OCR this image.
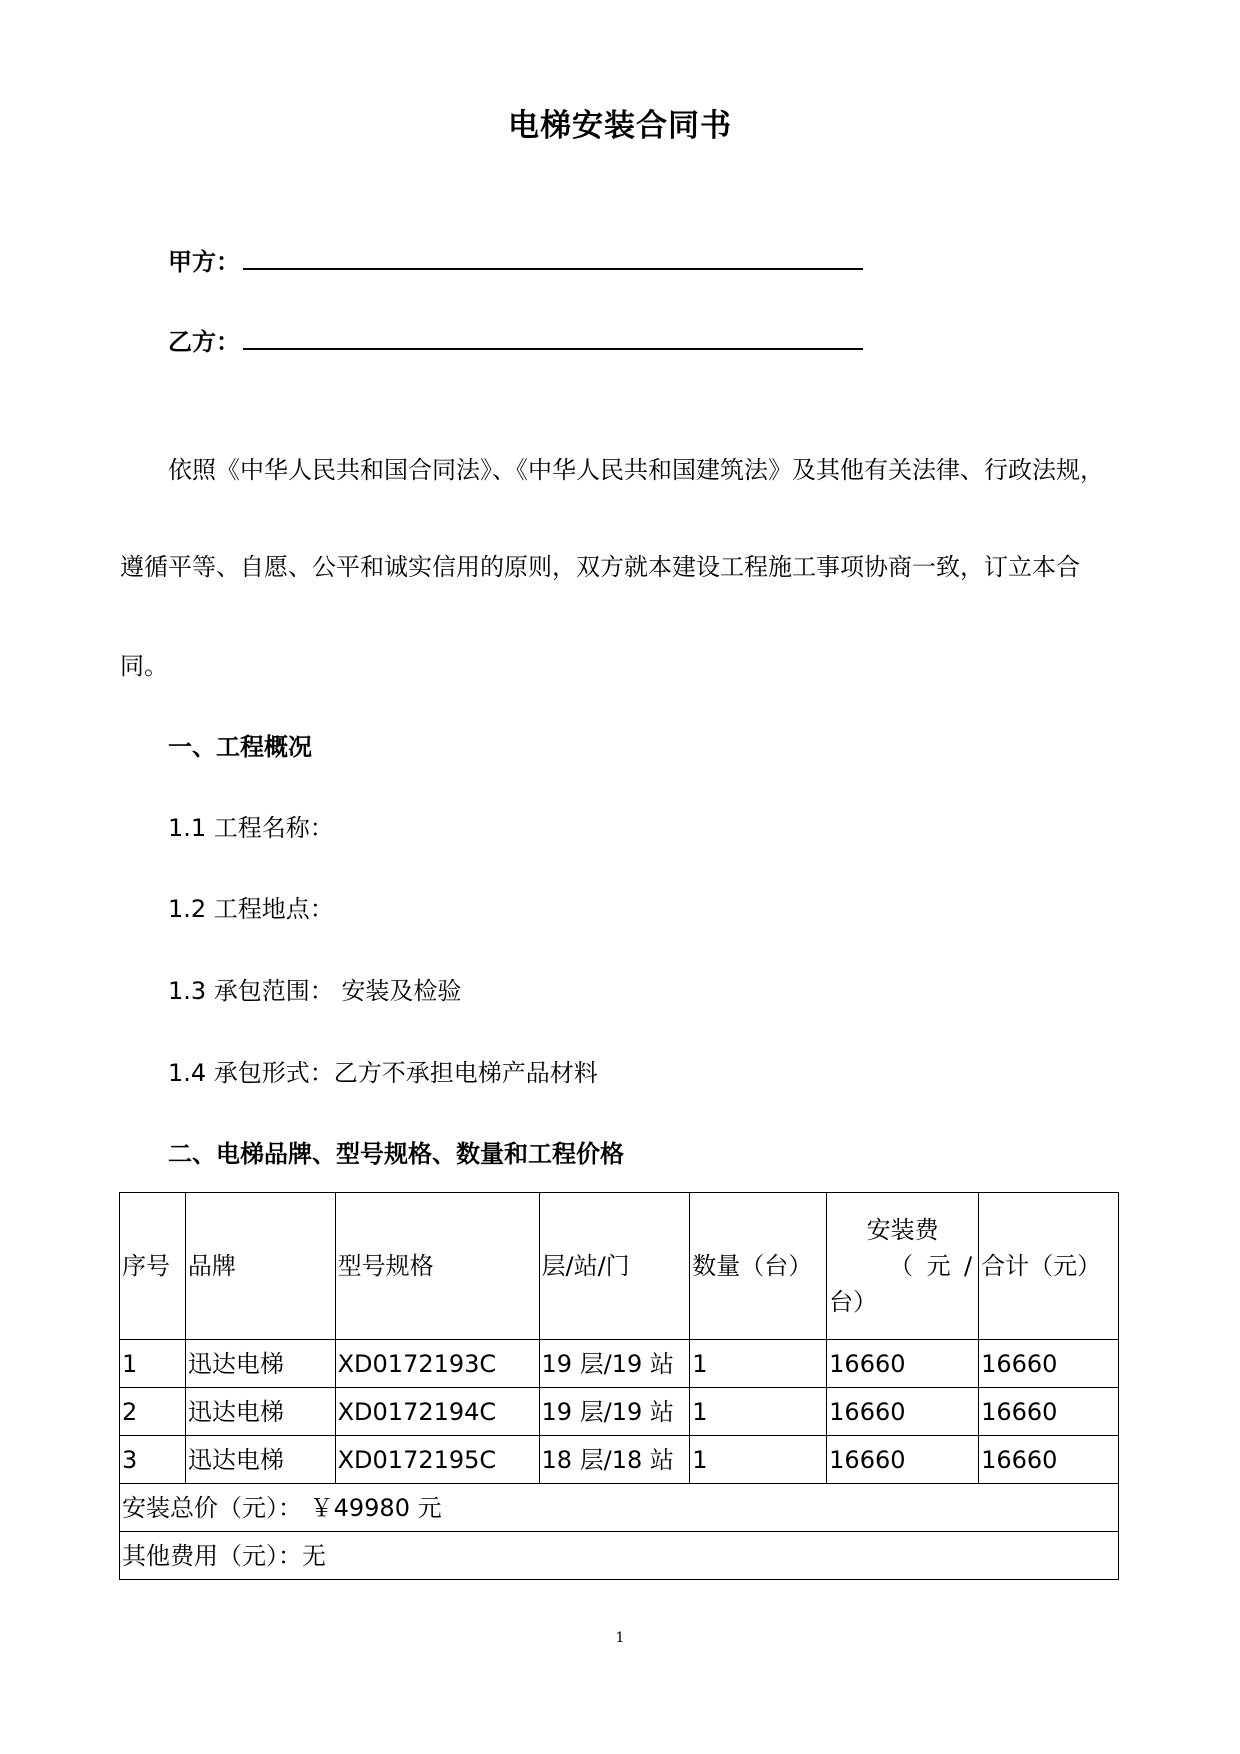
电梯安装合同书
甲方：
乙方：
依照《中华人民共和国合同法》、《中华人民共和国建筑法》及其他有关法律、行政法规，
遵循平等、自愿、公平和诚实信用的原则，双方就本建设工程施工事项协商一致，订立本合
同。
一、工程概况
1.1 工程名称：
1.2 工程地点：
1.3 承包范围： 安装及检验
1.4 承包形式：乙方不承担电梯产品材料
二、电梯品牌、型号规格、数量和工程价格
序号	品牌	型号规格	层/站/门	数量（台）	安装费
（ 元 /
台）	合计（元）
1	迅达电梯	XD0172193C	19 层/19 站	1	16660	16660
2	迅达电梯	XD0172194C	19 层/19 站	1	16660	16660
3	迅达电梯	XD0172195C	18 层/18 站	1	16660	16660
安装总价（元）： ￥49980 元						
其他费用（元）：无						
1
